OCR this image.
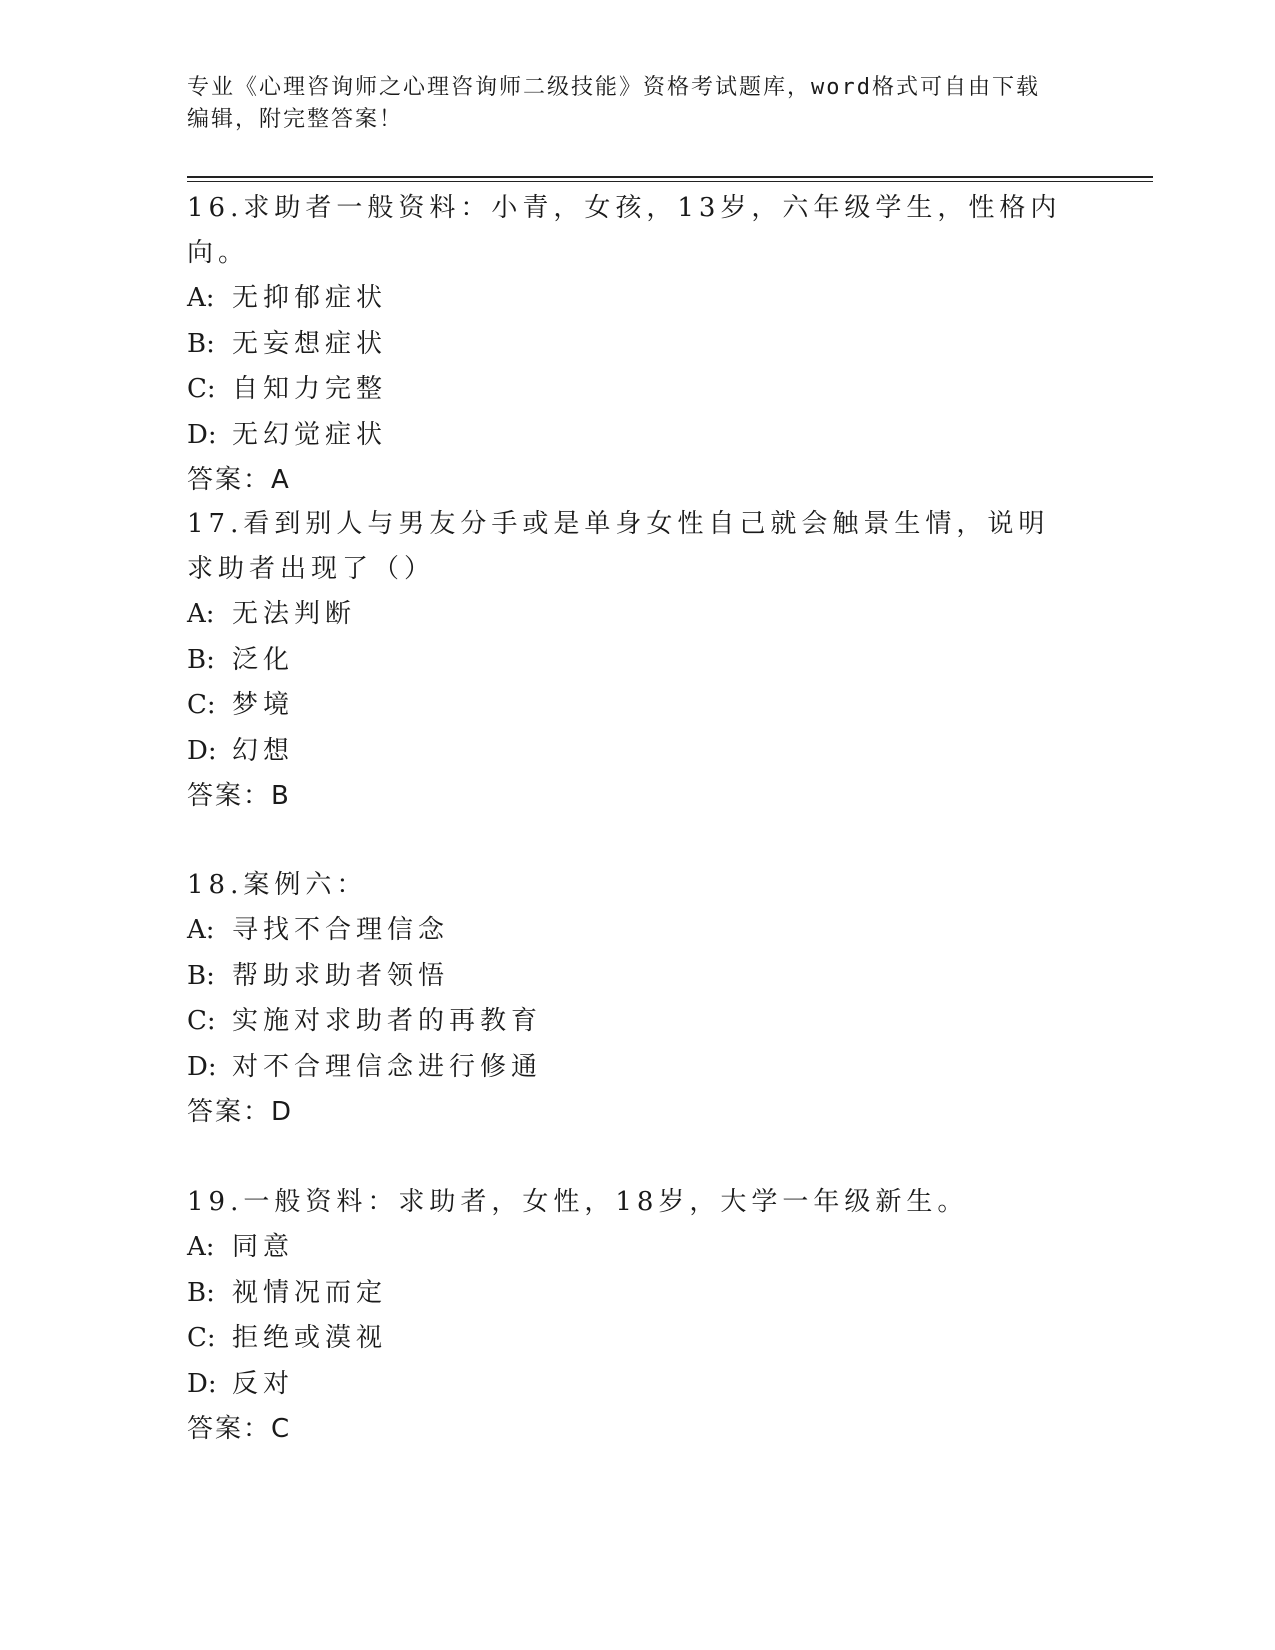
专业《心理咨询师之心理咨询师二级技能》资格考试题库，word格式可自由下载
编辑，附完整答案！

16.求助者一般资料：小青，女孩，13岁，六年级学生，性格内向。

A: 无抑郁症状

B: 无妄想症状

C: 自知力完整

D: 无幻觉症状

答案：A

17.看到别人与男友分手或是单身女性自己就会触景生情，说明求助者出现了（）

A: 无法判断

B: 泛化

C: 梦境

D: 幻想

答案：B

18.案例六：

A: 寻找不合理信念

B: 帮助求助者领悟

C: 实施对求助者的再教育

D: 对不合理信念进行修通

答案：D

19.一般资料：求助者，女性，18岁，大学一年级新生。

A: 同意

B: 视情况而定

C: 拒绝或漠视

D: 反对

答案：C
